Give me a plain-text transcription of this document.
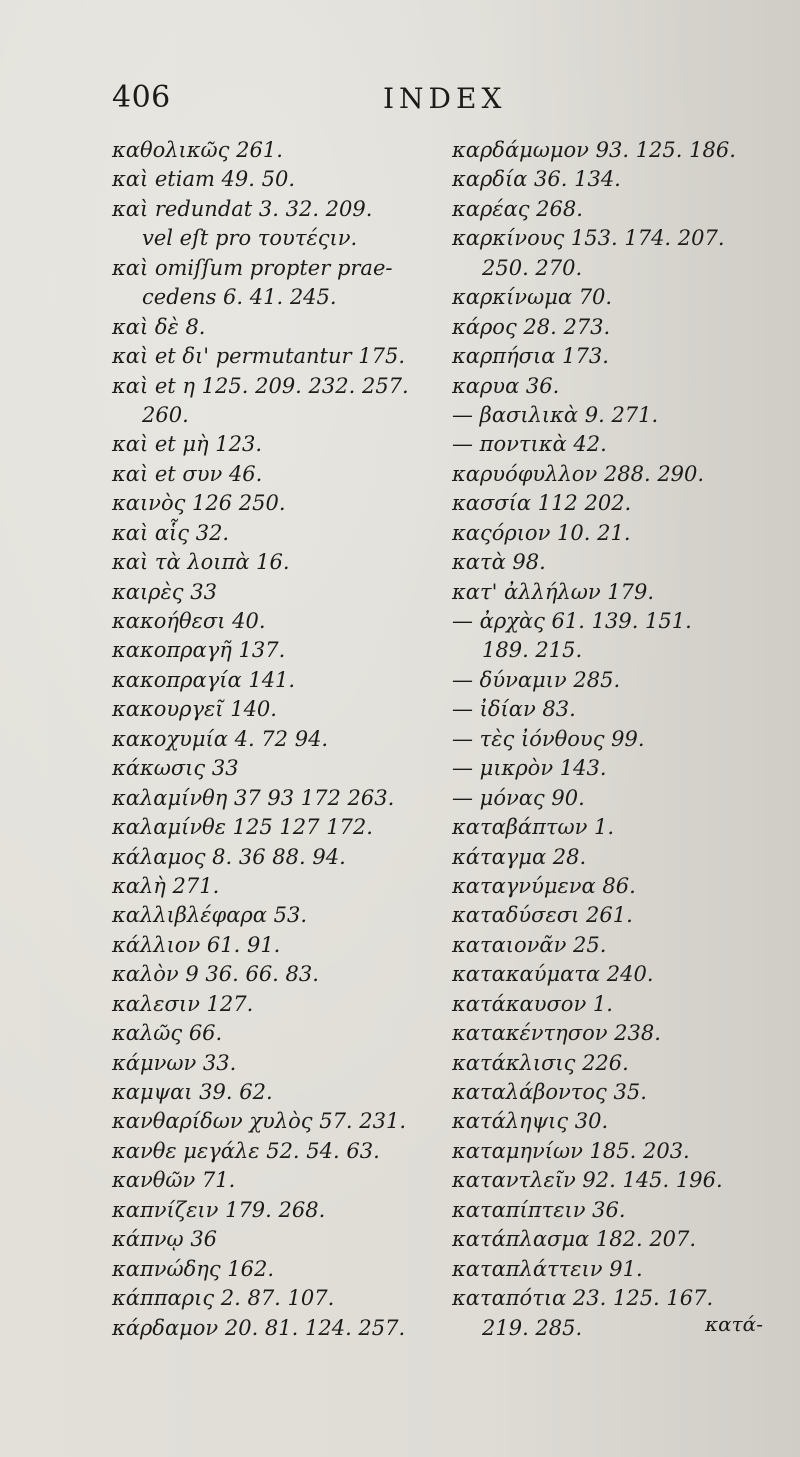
406	INDEX
καθολικῶς 261.
καὶ etiam 49. 50.
καὶ redundat 3. 32. 209.
vel eſt pro τουτέςιν.
καὶ omiſſum propter prae-
cedens 6. 41. 245.
καὶ δὲ 8.
καὶ et δι' permutantur 175.
καὶ et η 125. 209. 232. 257.
260.
καὶ et μὴ 123.
καὶ et συν 46.
καινὸς 126 250.
καὶ αἷς 32.
καὶ τὰ λοιπὰ 16.
καιρὲς 33
κακοήθεσι 40.
κακοπραγῆ 137.
κακοπραγία 141.
κακουργεῖ 140.
κακοχυμία 4. 72 94.
κάκωσις 33
καλαμίνθη 37 93 172 263.
καλαμίνθε 125 127 172.
κάλαμος 8. 36 88. 94.
καλὴ 271.
καλλιβλέφαρα 53.
κάλλιον 61. 91.
καλὸν 9 36. 66. 83.
καλεσιν 127.
καλῶς 66.
κάμνων 33.
καμψαι 39. 62.
κανθαρίδων χυλὸς 57. 231.
κανθε μεγάλε 52. 54. 63.
κανθῶν 71.
καπνίζειν 179. 268.
κάπνῳ 36
καπνώδης 162.
κάππαρις 2. 87. 107.
κάρδαμον 20. 81. 124. 257.
καρδάμωμον 93. 125. 186.
καρδία 36. 134.
καρέας 268.
καρκίνους 153. 174. 207.
250. 270.
καρκίνωμα 70.
κάρος 28. 273.
καρπήσια 173.
καρυα 36.
— βασιλικὰ 9. 271.
— ποντικὰ 42.
καρυόφυλλον 288. 290.
κασσία 112 202.
καςόριον 10. 21.
κατὰ 98.
κατ' ἀλλήλων 179.
— ἀρχὰς 61. 139. 151.
189. 215.
— δύναμιν 285.
— ἰδίαν 83.
— τὲς ἰόνθους 99.
— μικρὸν 143.
— μόνας 90.
καταβάπτων 1.
κάταγμα 28.
καταγνύμενα 86.
καταδύσεσι 261.
καταιονᾶν 25.
κατακαύματα 240.
κατάκαυσον 1.
κατακέντησον 238.
κατάκλισις 226.
καταλάβοντος 35.
κατάληψις 30.
καταμηνίων 185. 203.
καταντλεῖν 92. 145. 196.
καταπίπτειν 36.
κατάπλασμα 182. 207.
καταπλάττειν 91.
καταπότια 23. 125. 167.
219. 285.	κατά-
